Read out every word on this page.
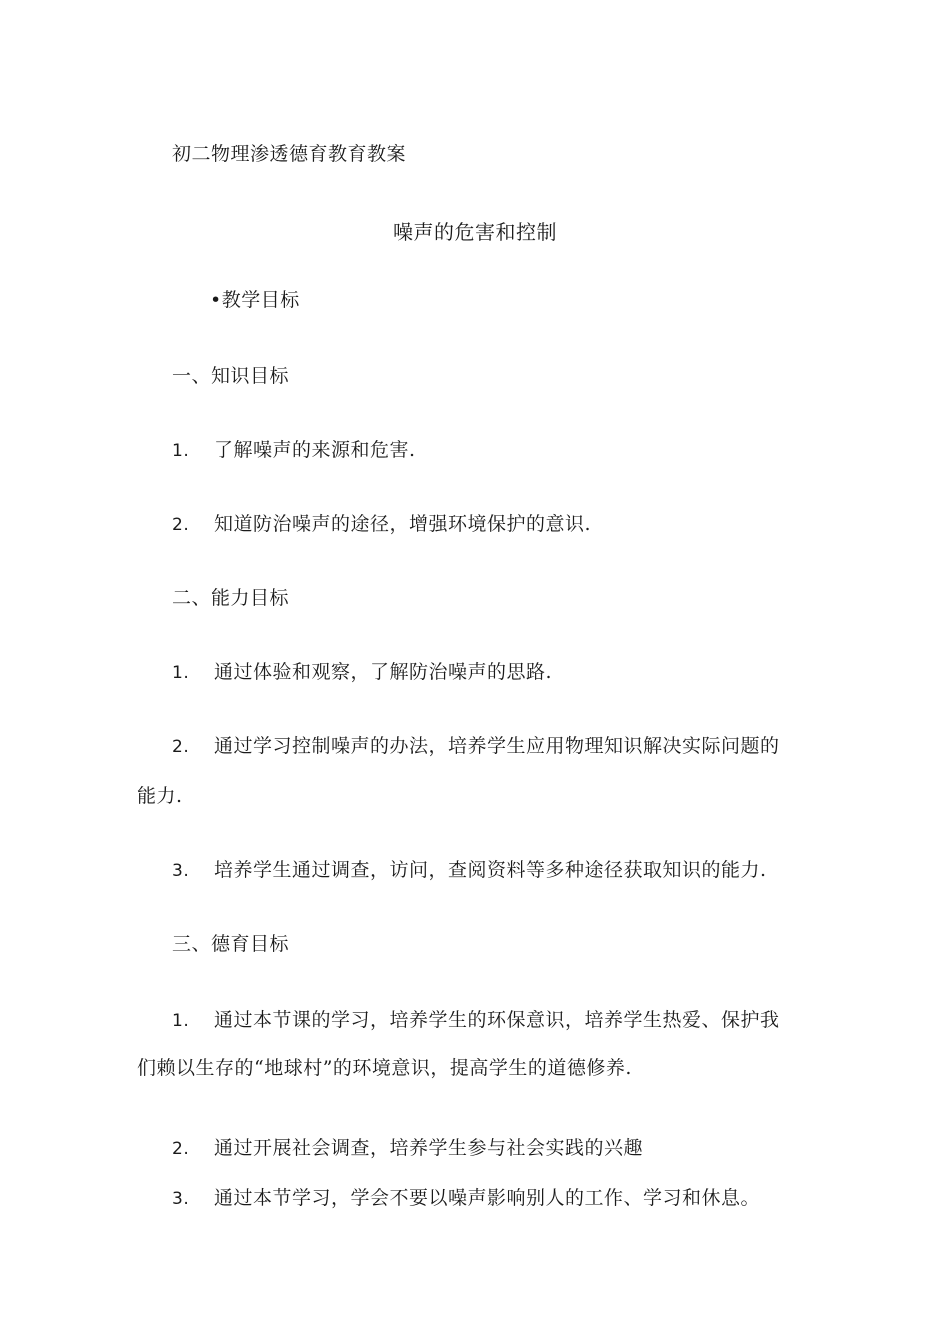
初二物理渗透德育教育教案
噪声的危害和控制
•教学目标
一、知识目标
1. 了解噪声的来源和危害.
2. 知道防治噪声的途径，增强环境保护的意识.
二、能力目标
1. 通过体验和观察，了解防治噪声的思路.
2. 通过学习控制噪声的办法，培养学生应用物理知识解决实际问题的
能力.
3. 培养学生通过调查，访问，查阅资料等多种途径获取知识的能力.
三、德育目标
1. 通过本节课的学习，培养学生的环保意识，培养学生热爱、保护我
们赖以生存的“地球村”的环境意识，提高学生的道德修养.
2. 通过开展社会调查，培养学生参与社会实践的兴趣
3. 通过本节学习，学会不要以噪声影响别人的工作、学习和休息。
